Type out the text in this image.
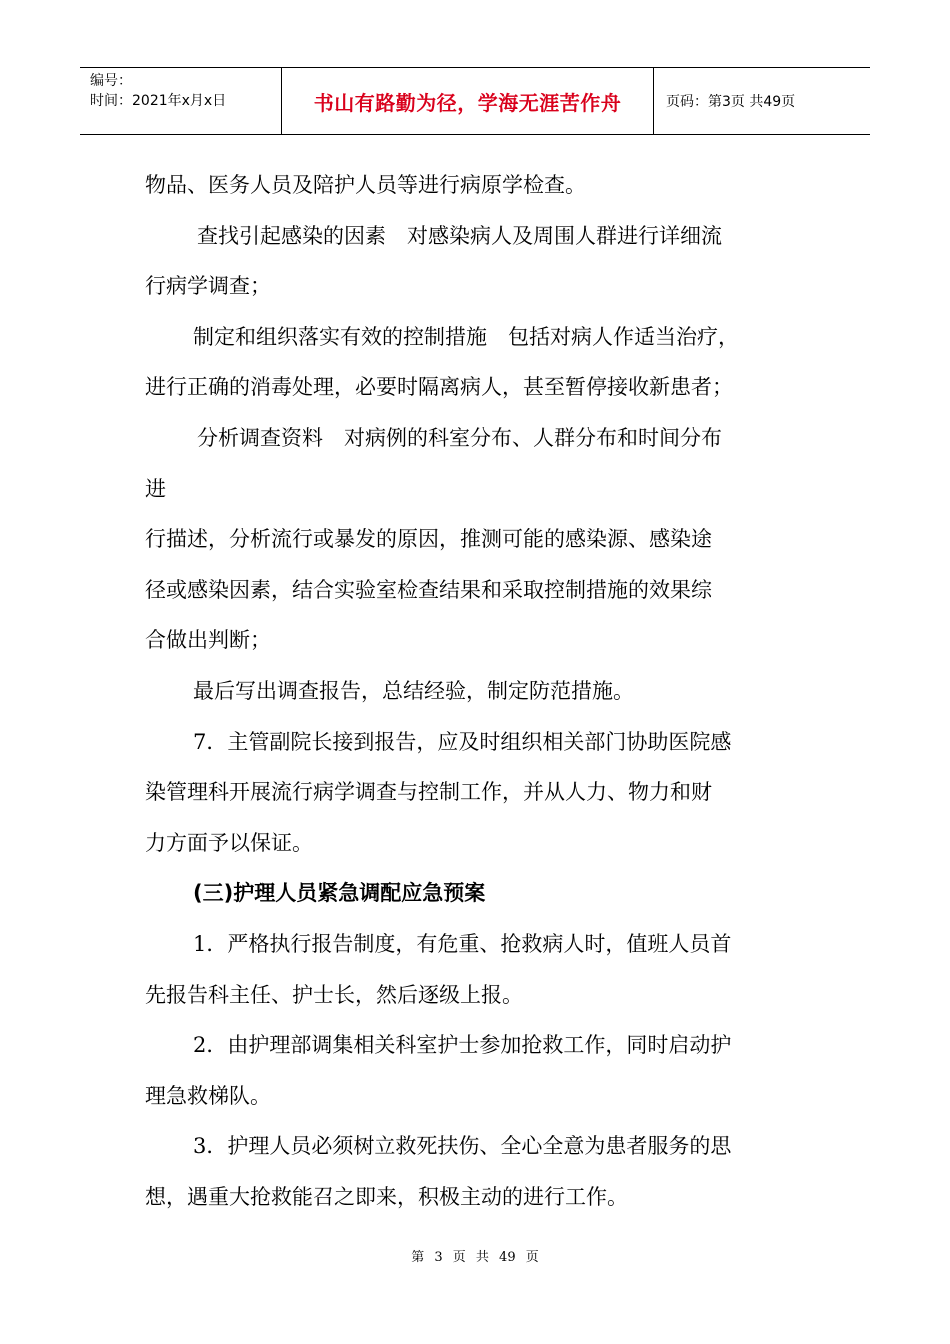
编号：
时间：2021年x月x日	书山有路勤为径，学海无涯苦作舟	页码：第3页 共49页

物品、医务人员及陪护人员等进行病原学检查。

查找引起感染的因素　对感染病人及周围人群进行详细流

行病学调查；

制定和组织落实有效的控制措施　包括对病人作适当治疗，

进行正确的消毒处理，必要时隔离病人，甚至暂停接收新患者；

分析调查资料　对病例的科室分布、人群分布和时间分布

进

行描述，分析流行或暴发的原因，推测可能的感染源、感染途

径或感染因素，结合实验室检查结果和采取控制措施的效果综

合做出判断；

最后写出调查报告，总结经验，制定防范措施。

7．主管副院长接到报告，应及时组织相关部门协助医院感

染管理科开展流行病学调查与控制工作，并从人力、物力和财

力方面予以保证。

(三)护理人员紧急调配应急预案

1．严格执行报告制度，有危重、抢救病人时，值班人员首

先报告科主任、护士长，然后逐级上报。

2．由护理部调集相关科室护士参加抢救工作，同时启动护

理急救梯队。

3．护理人员必须树立救死扶伤、全心全意为患者服务的思

想，遇重大抢救能召之即来，积极主动的进行工作。

第 3 页 共 49 页
